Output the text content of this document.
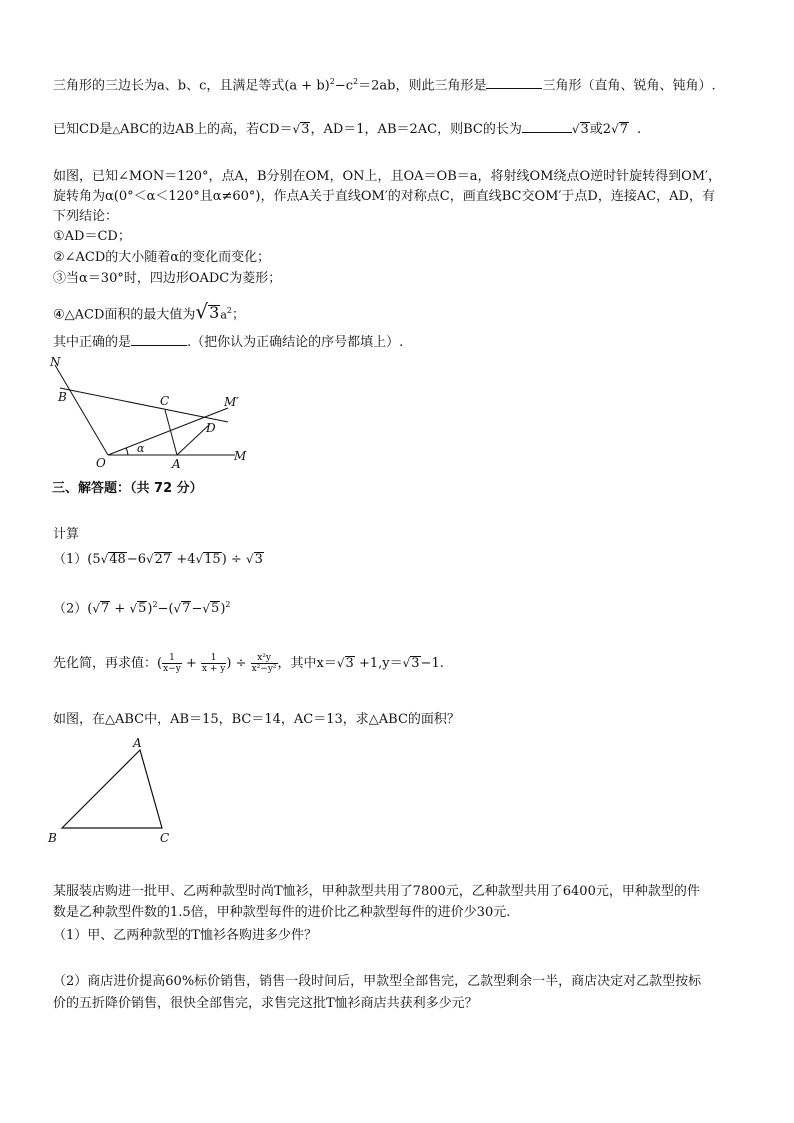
三角形的三边长为a、b、c，且满足等式$(a + b)^2-c^2=2ab$，则此三角形是	三角形（直角、锐角、钝角）.
已知CD是△ABC的边AB上的高，若CD＝√3，AD＝1，AB＝2AC，则BC的长为	√3或2√7 .
如图，已知∠MON＝120°，点A，B分别在OM，ON上，且OA＝OB＝a，将射线OM绕点O逆时针旋转得到OM′，
旋转角为α(0°＜α＜120°且α≠60°)，作点A关于直线OM′的对称点C，画直线BC交OM′于点D，连接AC，AD，有
下列结论：
①AD＝CD；
②∠ACD的大小随着α的变化而变化；
③当α＝30°时，四边形OADC为菱形；
④△ACD面积的最大值为$√3a^2$；
其中正确的是	.（把你认为正确结论的序号都填上）.
N
B	C	M′
D
α
O	A
M
A
B	C
三、解答题：（共 72 分）
计算
（1）(5√48−6√27 +4√15) ÷ √3
$(2)(√7 + √5)^2-(√7-√5)^2$
先化简，再求值：( $\frac{1}{x-y} + \frac{1}{x + y}$ ) ÷ $\frac{\text{x²y}}{\text{x²−y²}}$ ，其中x＝√3 +1,y＝√3−1.
如图，在△ABC中，AB＝15，BC＝14，AC＝13，求△ABC的面积？
某服装店购进一批甲、乙两种款型时尚T恤衫，甲种款型共用了7800元，乙种款型共用了6400元，甲种款型的件
数是乙种款型件数的1.5倍，甲种款型每件的进价比乙种款型每件的进价少30元.
（1）甲、乙两种款型的T恤衫各购进多少件？
（2）商店进价提高60%标价销售，销售一段时间后，甲款型全部售完，乙款型剩余一半，商店决定对乙款型按标
价的五折降价销售，很快全部售完，求售完这批T恤衫商店共获利多少元？
